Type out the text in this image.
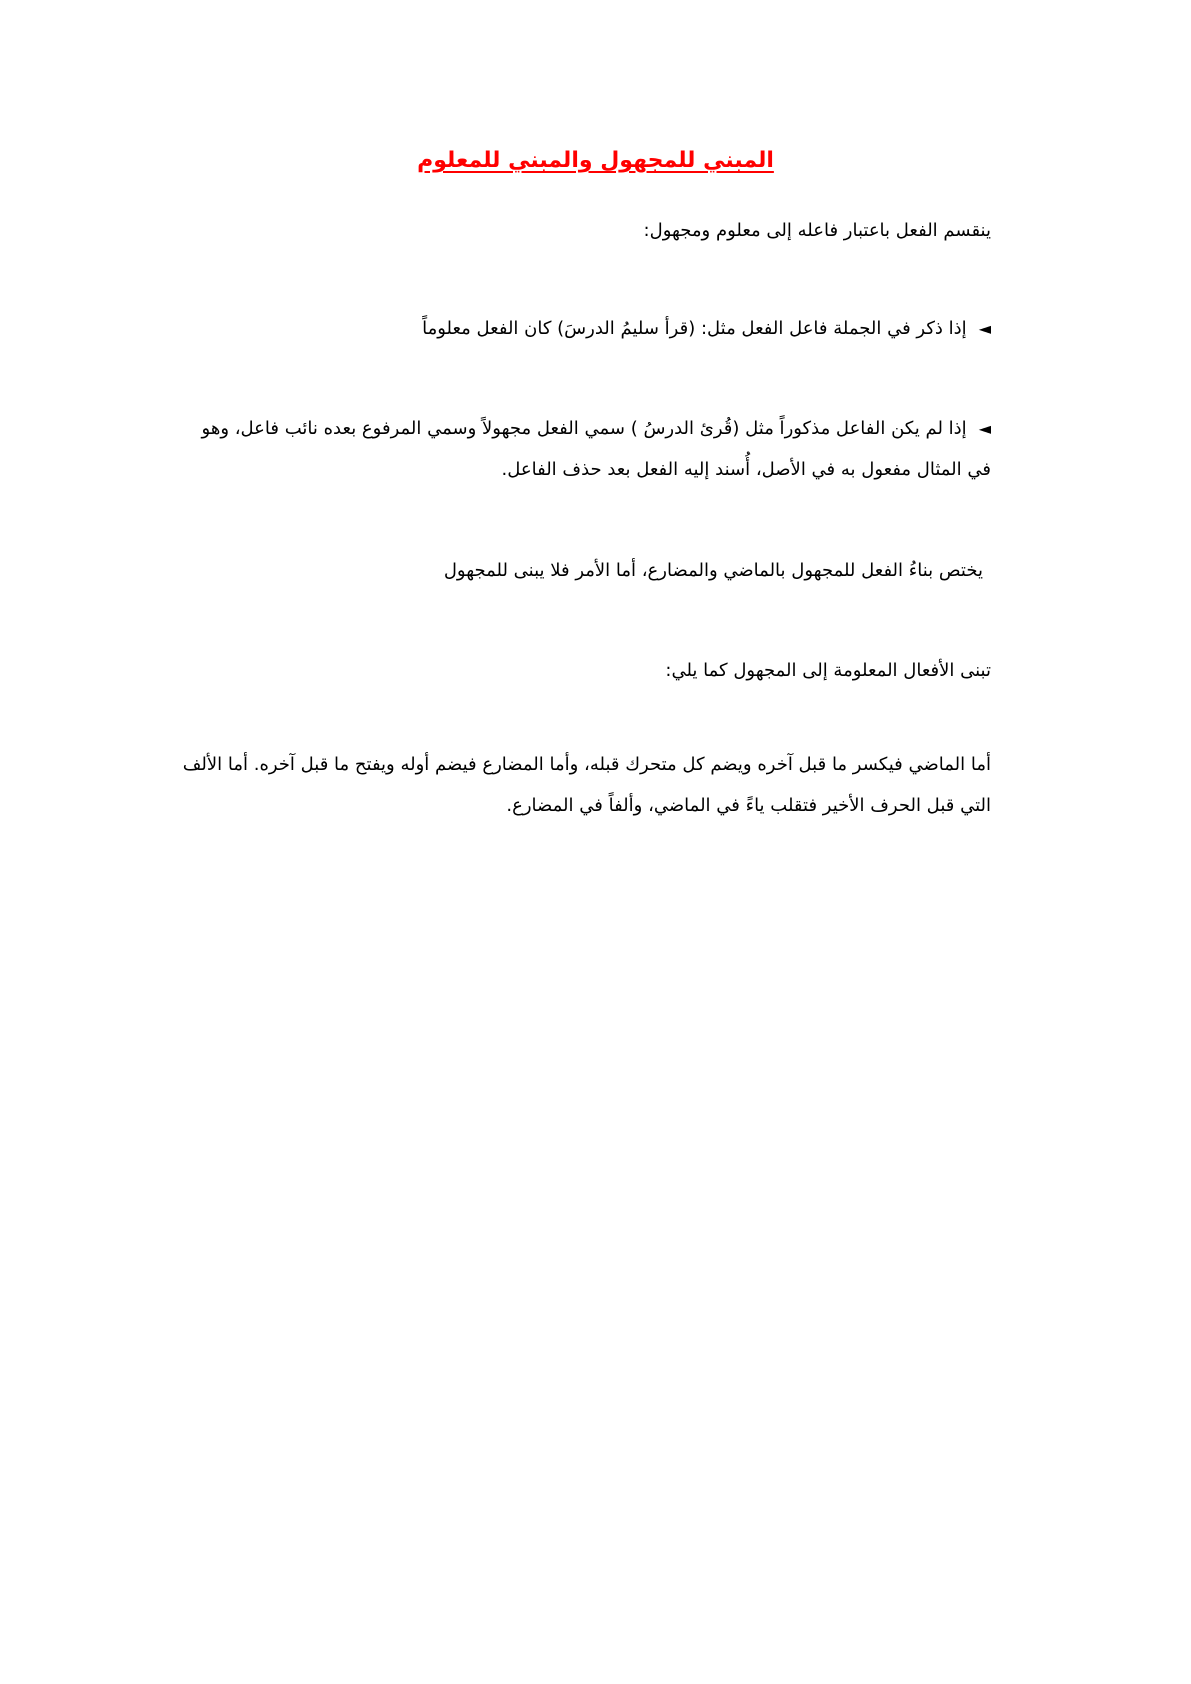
المبني للمجهول والمبني للمعلوم

ينقسم الفعل باعتبار فاعله إلى معلوم ومجهول:

◄إذا ذكر في الجملة فاعل الفعل مثل: (قرأ سليمُ الدرسَ) كان الفعل معلوماً

◄إذا لم يكن الفاعل مذكوراً مثل (قُرئ الدرسُ ) سمي الفعل مجهولاً وسمي المرفوع بعده نائب فاعل، وهو في المثال مفعول به في الأصل، أُسند إليه الفعل بعد حذف الفاعل.

يختص بناءُ الفعل للمجهول بالماضي والمضارع، أما الأمر فلا يبنى للمجهول

تبنى الأفعال المعلومة إلى المجهول كما يلي:

أما الماضي فيكسر ما قبل آخره ويضم كل متحرك قبله، وأما المضارع فيضم أوله ويفتح ما قبل آخره. أما الألف التي قبل الحرف الأخير فتقلب ياءً في الماضي، وألفاً في المضارع.
